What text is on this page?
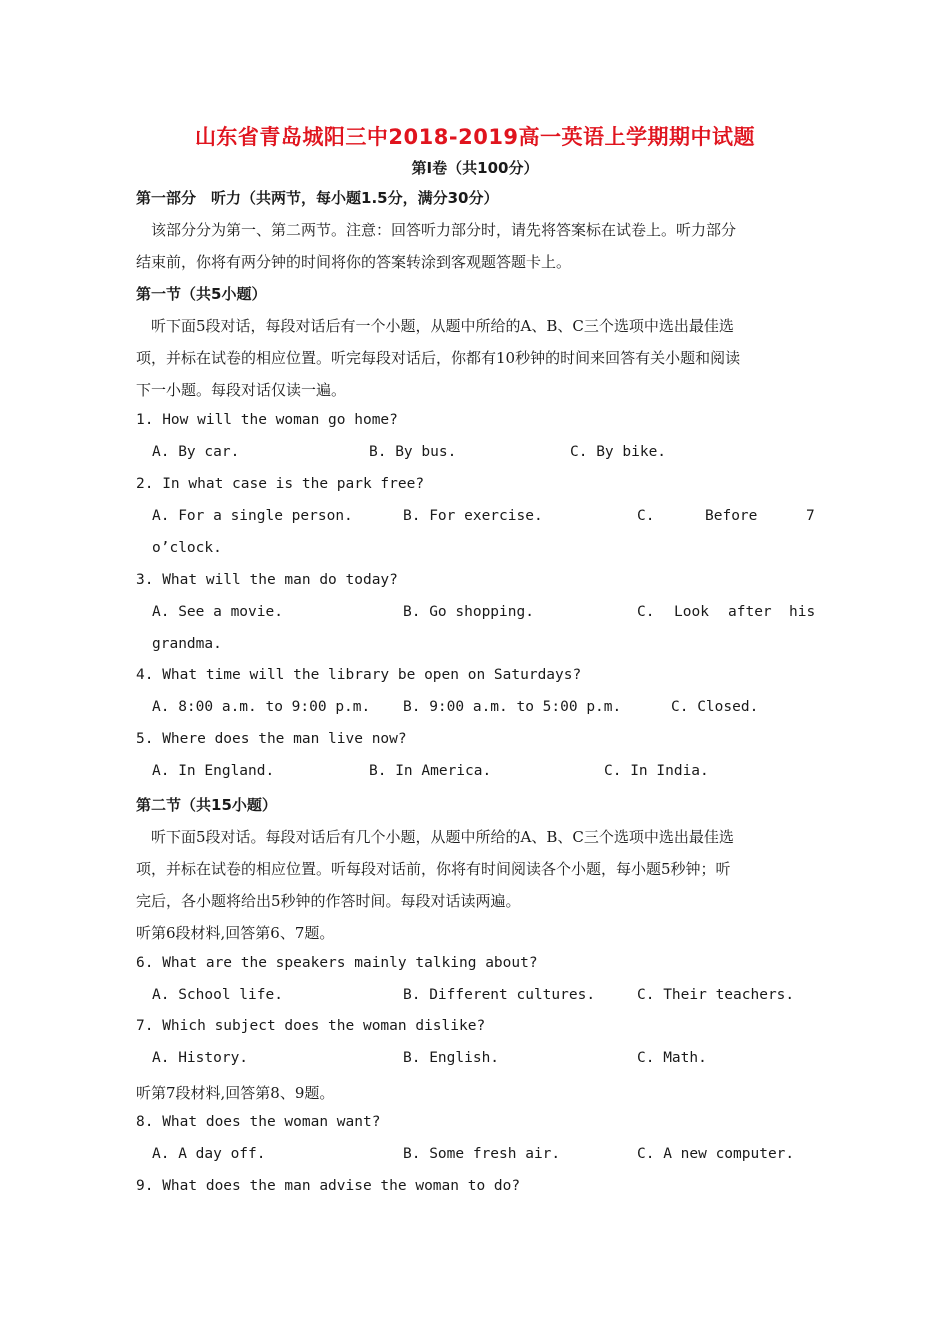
山东省青岛城阳三中2018-2019高一英语上学期期中试题
第Ⅰ卷（共100分）
第一部分　听力（共两节，每小题1.5分，满分30分）
　该部分分为第一、第二两节。注意：回答听力部分时，请先将答案标在试卷上。听力部分
结束前，你将有两分钟的时间将你的答案转涂到客观题答题卡上。
第一节（共5小题）
　听下面5段对话，每段对话后有一个小题，从题中所给的A、B、C三个选项中选出最佳选
项，并标在试卷的相应位置。听完每段对话后，你都有10秒钟的时间来回答有关小题和阅读
下一小题。每段对话仅读一遍。
1. How will the woman go home?
A. By car.	B. By bus.	C. By bike.
2. In what case is the park free?
A. For a single person.	B. For exercise.	C.	Before	7
o’clock.
3. What will the man do today?
A. See a movie.	B. Go shopping.	C. Look after his
grandma.
4. What time will the library be open on Saturdays?
A. 8:00 a.m. to 9:00 p.m. B. 9:00 a.m. to 5:00 p.m.	C. Closed.
5. Where does the man live now?
A. In England.	B. In America.	C. In India.
第二节（共15小题）
　听下面5段对话。每段对话后有几个小题，从题中所给的A、B、C三个选项中选出最佳选
项，并标在试卷的相应位置。听每段对话前，你将有时间阅读各个小题，每小题5秒钟；听
完后，各小题将给出5秒钟的作答时间。每段对话读两遍。
听第6段材料,回答第6、7题。
6. What are the speakers mainly talking about?
A. School life.	B. Different cultures.	C. Their teachers.
7. Which subject does the woman dislike?
A. History.	B. English.	C. Math.
听第7段材料,回答第8、9题。
8. What does the woman want?
A. A day off.	B. Some fresh air.	C. A new computer.
9. What does the man advise the woman to do?
